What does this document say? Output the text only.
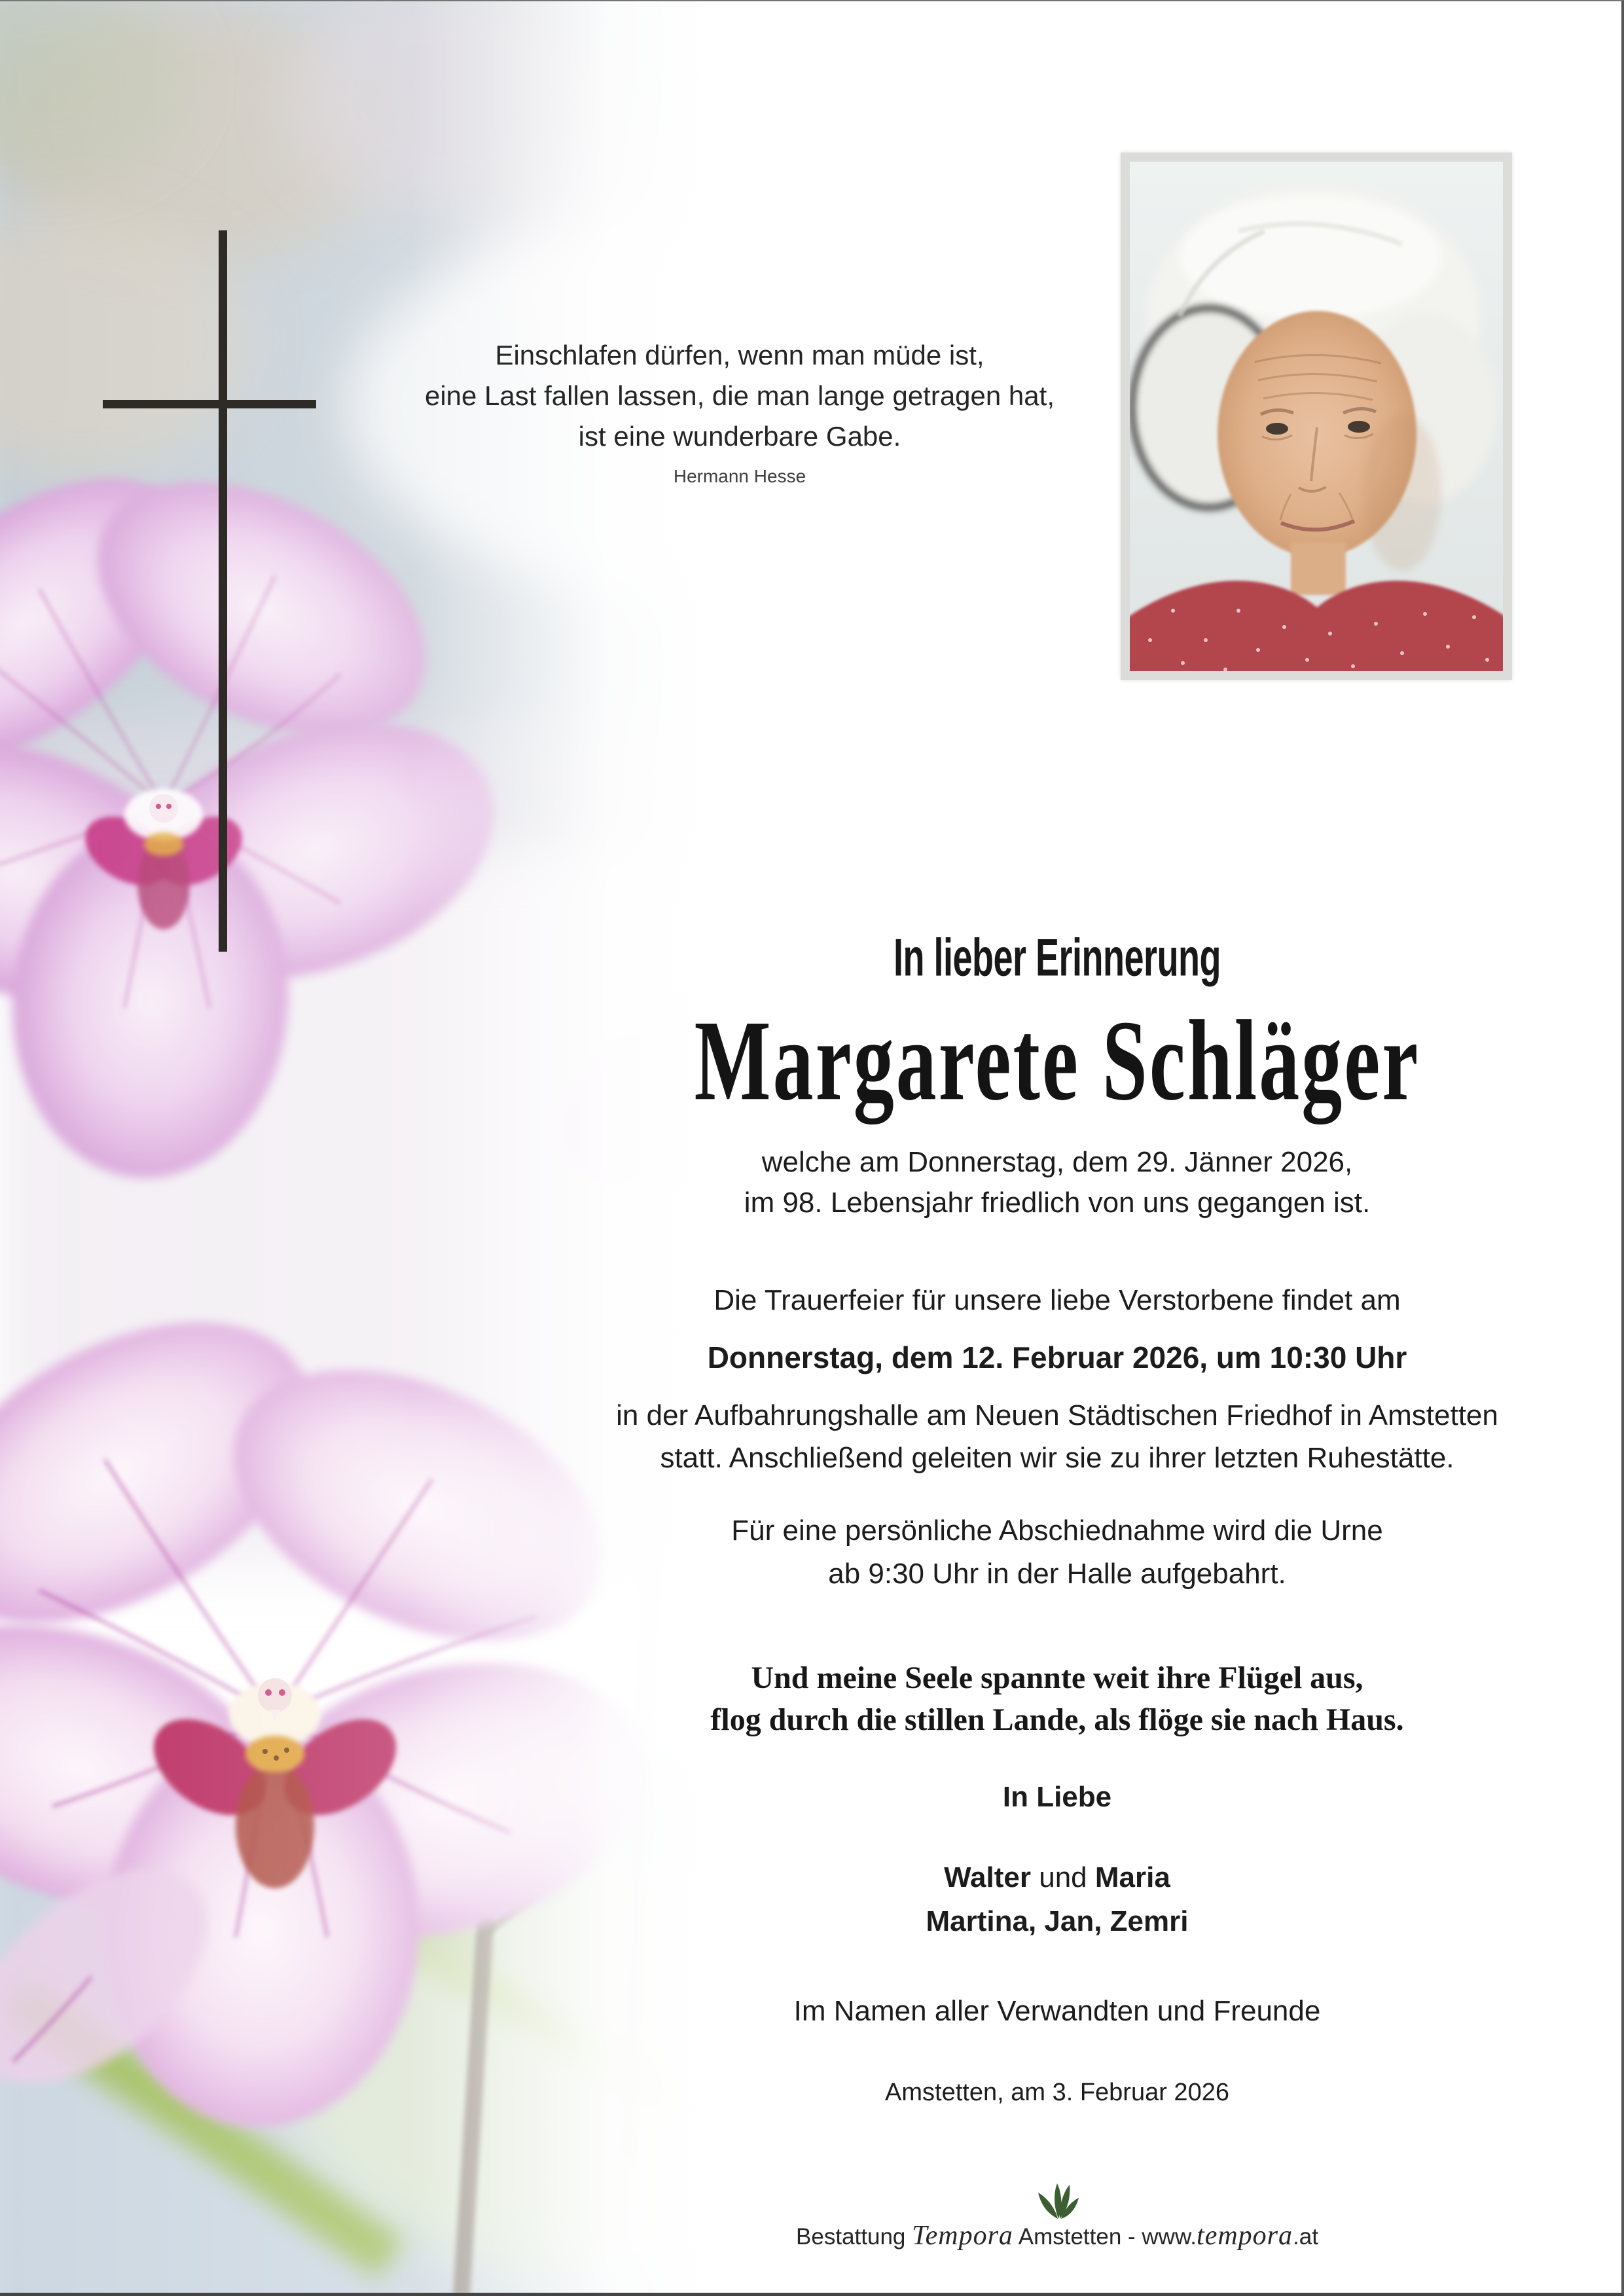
Einschlafen dürfen, wenn man müde ist,
eine Last fallen lassen, die man lange getragen hat,
ist eine wunderbare Gabe.
Hermann Hesse
In lieber Erinnerung
Margarete Schläger
welche am Donnerstag, dem 29. Jänner 2026,
im 98. Lebensjahr friedlich von uns gegangen ist.
Die Trauerfeier für unsere liebe Verstorbene findet am
Donnerstag, dem 12. Februar 2026, um 10:30 Uhr
in der Aufbahrungshalle am Neuen Städtischen Friedhof in Amstetten
statt. Anschließend geleiten wir sie zu ihrer letzten Ruhestätte.
Für eine persönliche Abschiednahme wird die Urne
ab 9:30 Uhr in der Halle aufgebahrt.
Und meine Seele spannte weit ihre Flügel aus,
flog durch die stillen Lande, als flöge sie nach Haus.
In Liebe
Walter und Maria
Martina, Jan, Zemri
Im Namen aller Verwandten und Freunde
Amstetten, am 3. Februar 2026
Bestattung Tempora Amstetten - www.tempora.at
